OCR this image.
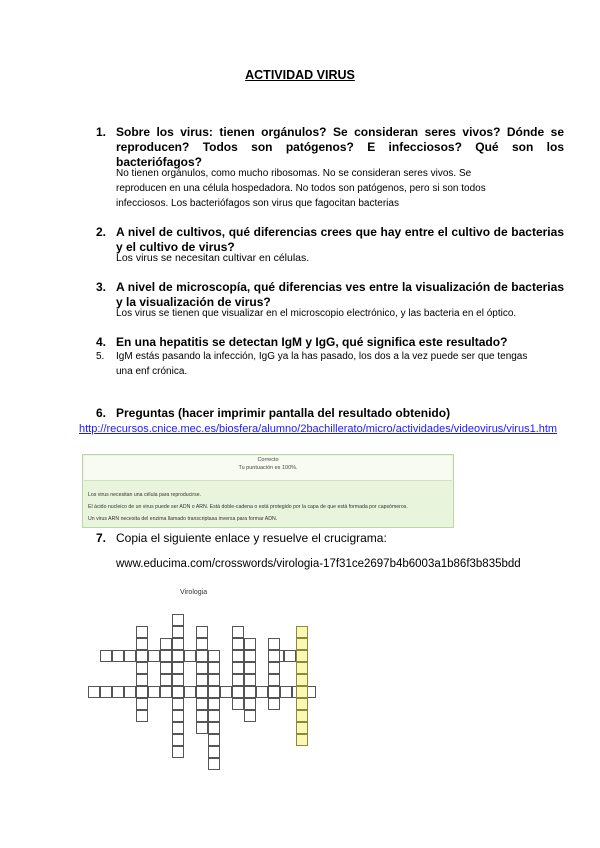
ACTIVIDAD VIRUS
1. Sobre los virus: tienen orgánulos? Se consideran seres vivos? Dónde se reproducen? Todos son patógenos? E infecciosos? Qué son los bacteriófagos?
No tienen orgánulos, como mucho ribosomas. No se consideran seres vivos. Se reproducen en una célula hospedadora. No todos son patógenos, pero si son todos infecciosos. Los bacteriófagos son virus que fagocitan bacterias
2. A nivel de cultivos, qué diferencias crees que hay entre el cultivo de bacterias y el cultivo de virus?
Los virus se necesitan cultivar en células.
3. A nivel de microscopía, qué diferencias ves entre la visualización de bacterias y la visualización de virus?
Los virus se tienen que visualizar en el microscopio electrónico, y las bacteria en el óptico.
4. En una hepatitis se detectan IgM y IgG, qué significa este resultado?
5. IgM estás pasando la infección, IgG ya la has pasado, los dos a la vez puede ser que tengas una enf crónica.
6. Preguntas (hacer imprimir pantalla del resultado obtenido)
http://recursos.cnice.mec.es/biosfera/alumno/2bachillerato/micro/actividades/videovirus/virus1.htm
Correcto
Tu puntuación es 100%.
Los virus necesitan una célula para reproducirse.
El ácido nucleico de un virus puede ser ADN o ARN. Está doble-cadena o está protegido por la capa de que está formada por capsómeros.
Un virus ARN necesita del enzima llamado transcriptasa inversa para formar ADN.
7. Copia el siguiente enlace y resuelve el crucigrama:
www.educima.com/crosswords/virologia-17f31ce2697b4b6003a1b86f3b835bdd
Virologia
